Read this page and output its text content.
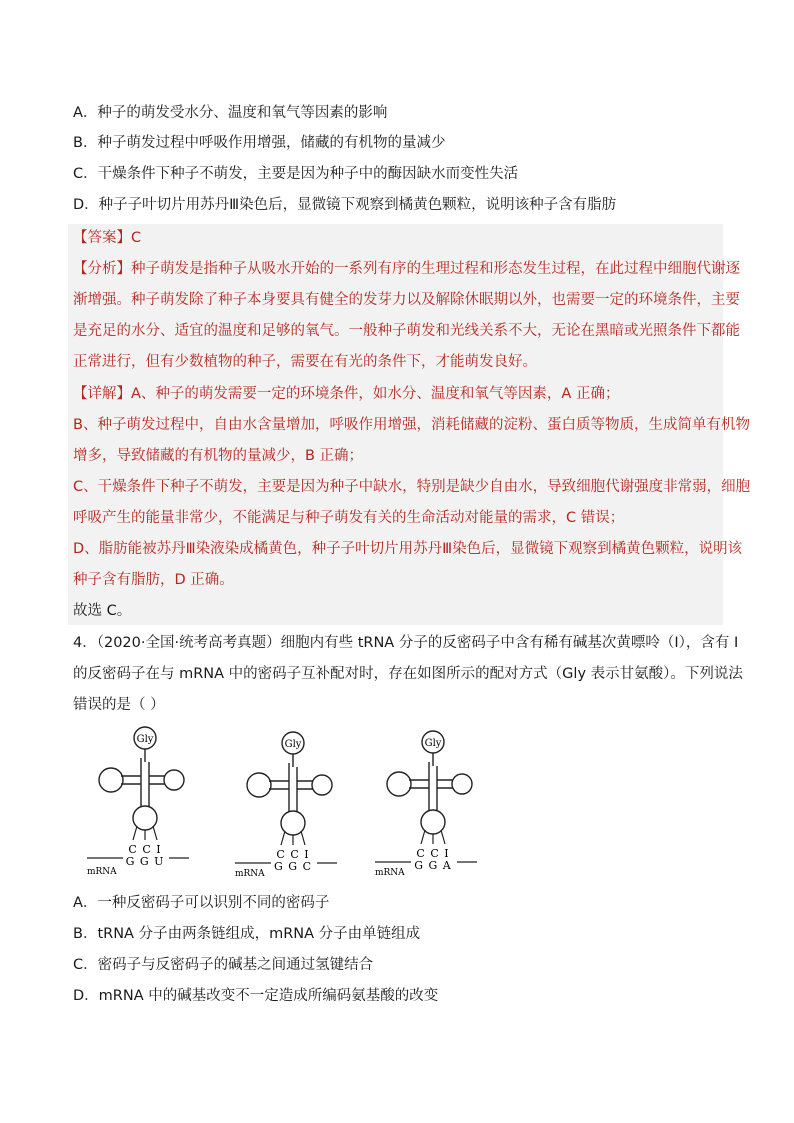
A．种子的萌发受水分、温度和氧气等因素的影响
B．种子萌发过程中呼吸作用增强，储藏的有机物的量减少
C．干燥条件下种子不萌发，主要是因为种子中的酶因缺水而变性失活
D．种子子叶切片用苏丹Ⅲ染色后，显微镜下观察到橘黄色颗粒，说明该种子含有脂肪
【答案】C
【分析】种子萌发是指种子从吸水开始的一系列有序的生理过程和形态发生过程，在此过程中细胞代谢逐
渐增强。种子萌发除了种子本身要具有健全的发芽力以及解除休眠期以外，也需要一定的环境条件，主要
是充足的水分、适宜的温度和足够的氧气。一般种子萌发和光线关系不大，无论在黑暗或光照条件下都能
正常进行，但有少数植物的种子，需要在有光的条件下，才能萌发良好。
【详解】A、种子的萌发需要一定的环境条件，如水分、温度和氧气等因素，A 正确；
B、种子萌发过程中，自由水含量增加，呼吸作用增强，消耗储藏的淀粉、蛋白质等物质，生成简单有机物
增多，导致储藏的有机物的量减少，B 正确；
C、干燥条件下种子不萌发，主要是因为种子中缺水，特别是缺少自由水，导致细胞代谢强度非常弱，细胞
呼吸产生的能量非常少，不能满足与种子萌发有关的生命活动对能量的需求，C 错误；
D、脂肪能被苏丹Ⅲ染液染成橘黄色，种子子叶切片用苏丹Ⅲ染色后，显微镜下观察到橘黄色颗粒，说明该
种子含有脂肪，D 正确。
故选 C。
4．（2020·全国·统考高考真题）细胞内有些 tRNA 分子的反密码子中含有稀有碱基次黄嘌呤（I），含有 I
的反密码子在与 mRNA 中的密码子互补配对时，存在如图所示的配对方式（Gly 表示甘氨酸）。下列说法
错误的是（ ）
Gly
C C I
G G U
mRNA
Gly
C C I
G G C
mRNA
Gly
C C I
G G A
mRNA
A．一种反密码子可以识别不同的密码子
B．tRNA 分子由两条链组成，mRNA 分子由单链组成
C．密码子与反密码子的碱基之间通过氢键结合
D．mRNA 中的碱基改变不一定造成所编码氨基酸的改变
